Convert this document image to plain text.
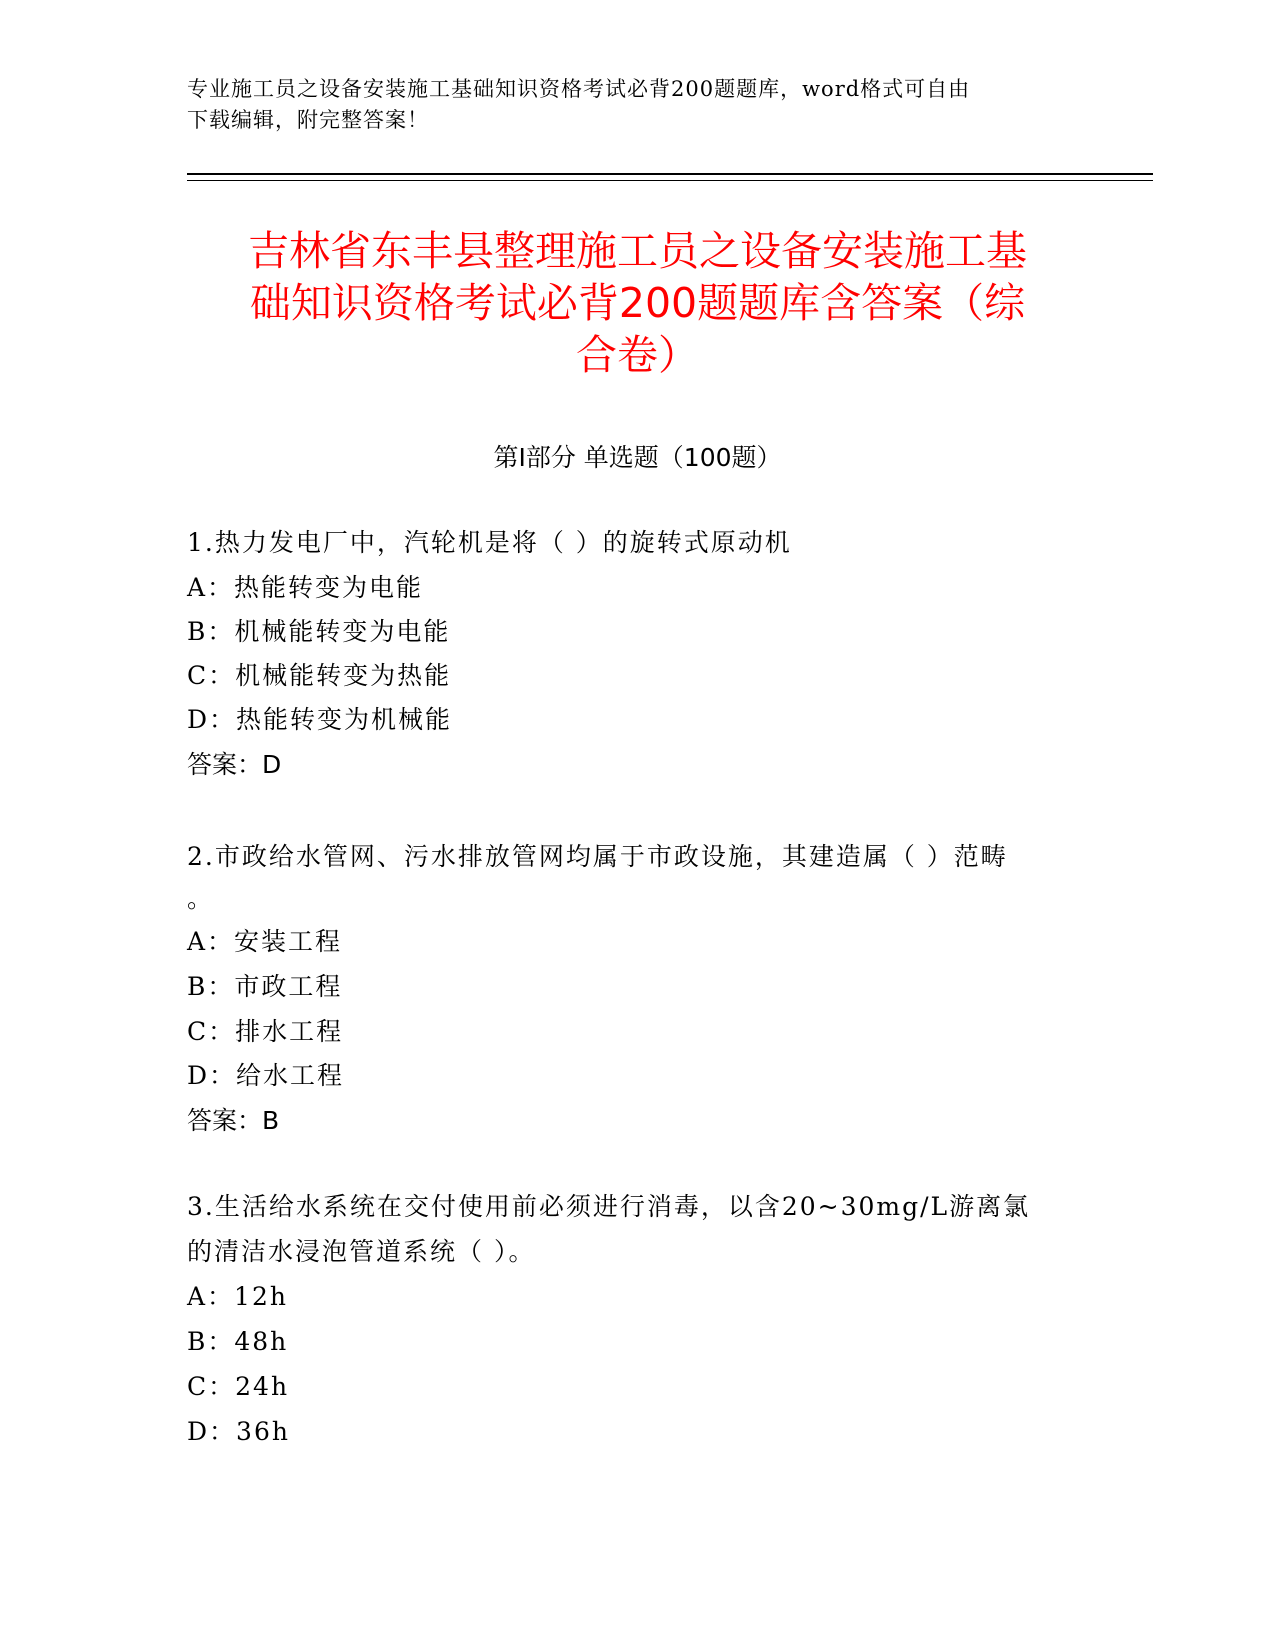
专业施工员之设备安装施工基础知识资格考试必背200题题库，word格式可自由
下载编辑，附完整答案！
吉林省东丰县整理施工员之设备安装施工基
础知识资格考试必背200题题库含答案（综
合卷）
第Ⅰ部分 单选题（100题）
1.热力发电厂中，汽轮机是将（ ）的旋转式原动机
A：热能转变为电能
B：机械能转变为电能
C：机械能转变为热能
D：热能转变为机械能
答案：D
2.市政给水管网、污水排放管网均属于市政设施，其建造属（ ）范畴
。
A：安装工程
B：市政工程
C：排水工程
D：给水工程
答案：B
3.生活给水系统在交付使用前必须进行消毒，以含20~30mg/L游离氯
的清洁水浸泡管道系统（ ）。
A：12h
B：48h
C：24h
D：36h
